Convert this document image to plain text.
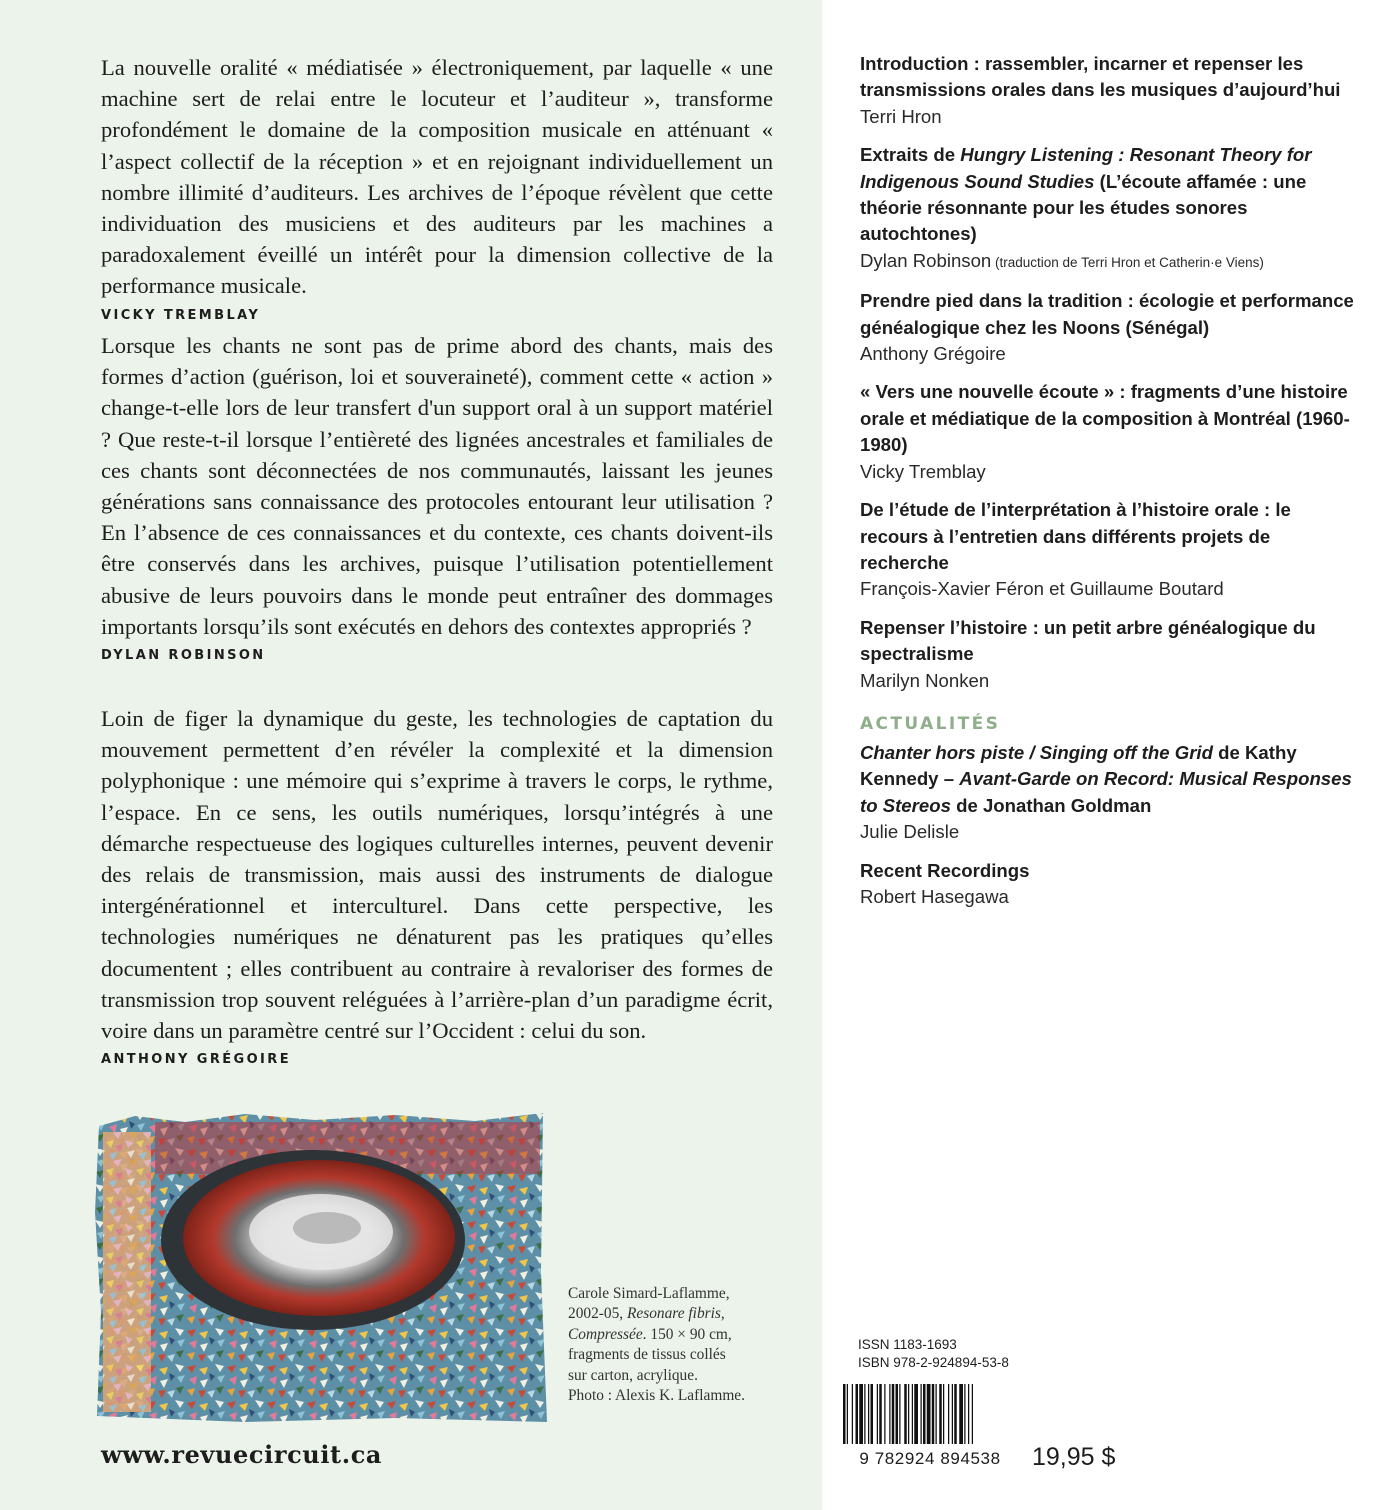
La nouvelle oralité « médiatisée » électroniquement, par laquelle « une machine sert de relai entre le locuteur et l’auditeur », transforme profondément le domaine de la composition musicale en atténuant « l’aspect collectif de la réception » et en rejoignant individuellement un nombre illimité d’auditeurs. Les archives de l’époque révèlent que cette individuation des musiciens et des auditeurs par les machines a paradoxalement éveillé un intérêt pour la dimension collective de la performance musicale.

VICKY TREMBLAY

Lorsque les chants ne sont pas de prime abord des chants, mais des formes d’action (guérison, loi et souveraineté), comment cette « action » change-t-elle lors de leur transfert d'un support oral à un support matériel ? Que reste-t-il lorsque l’entièreté des lignées ancestrales et familiales de ces chants sont déconnectées de nos communautés, laissant les jeunes générations sans connaissance des protocoles entourant leur utilisation ? En l’absence de ces connaissances et du contexte, ces chants doivent-ils être conservés dans les archives, puisque l’utilisation potentiellement abusive de leurs pouvoirs dans le monde peut entraîner des dommages importants lorsqu’ils sont exécutés en dehors des contextes appropriés ?

DYLAN ROBINSON

Loin de figer la dynamique du geste, les technologies de captation du mouvement permettent d’en révéler la complexité et la dimension polyphonique : une mémoire qui s’exprime à travers le corps, le rythme, l’espace. En ce sens, les outils numériques, lorsqu’intégrés à une démarche respectueuse des logiques culturelles internes, peuvent devenir des relais de transmission, mais aussi des instruments de dialogue intergénérationnel et interculturel. Dans cette perspective, les technologies numériques ne dénaturent pas les pratiques qu’elles documentent ; elles contribuent au contraire à revaloriser des formes de transmission trop souvent reléguées à l’arrière-plan d’un paradigme écrit, voire dans un paramètre centré sur l’Occident : celui du son.

ANTHONY GRÉGOIRE
Carole Simard-Laflamme,
2002-05, Resonare fibris,
Compressée. 150 × 90 cm,
fragments de tissus collés
sur carton, acrylique.
Photo : Alexis K. Laflamme.
www.revuecircuit.ca
Introduction : rassembler, incarner et repenser les transmissions orales dans les musiques d’aujourd’hui
Terri Hron
Extraits de Hungry Listening : Resonant Theory for Indigenous Sound Studies (L’écoute affamée : une théorie résonnante pour les études sonores autochtones)
Dylan Robinson (traduction de Terri Hron et Catherin·e Viens)
Prendre pied dans la tradition : écologie et performance généalogique chez les Noons (Sénégal)
Anthony Grégoire
« Vers une nouvelle écoute » : fragments d’une histoire orale et médiatique de la composition à Montréal (1960-1980)
Vicky Tremblay
De l’étude de l’interprétation à l’histoire orale : le recours à l’entretien dans différents projets de recherche
François-Xavier Féron et Guillaume Boutard
Repenser l’histoire : un petit arbre généalogique du spectralisme
Marilyn Nonken
ACTUALITÉS
Chanter hors piste / Singing off the Grid de Kathy Kennedy – Avant-Garde on Record: Musical Responses to Stereos de Jonathan Goldman
Julie Delisle
Recent Recordings
Robert Hasegawa
ISSN 1183-1693
ISBN 978-2-924894-53-8
9 782924 894538	19,95 $
